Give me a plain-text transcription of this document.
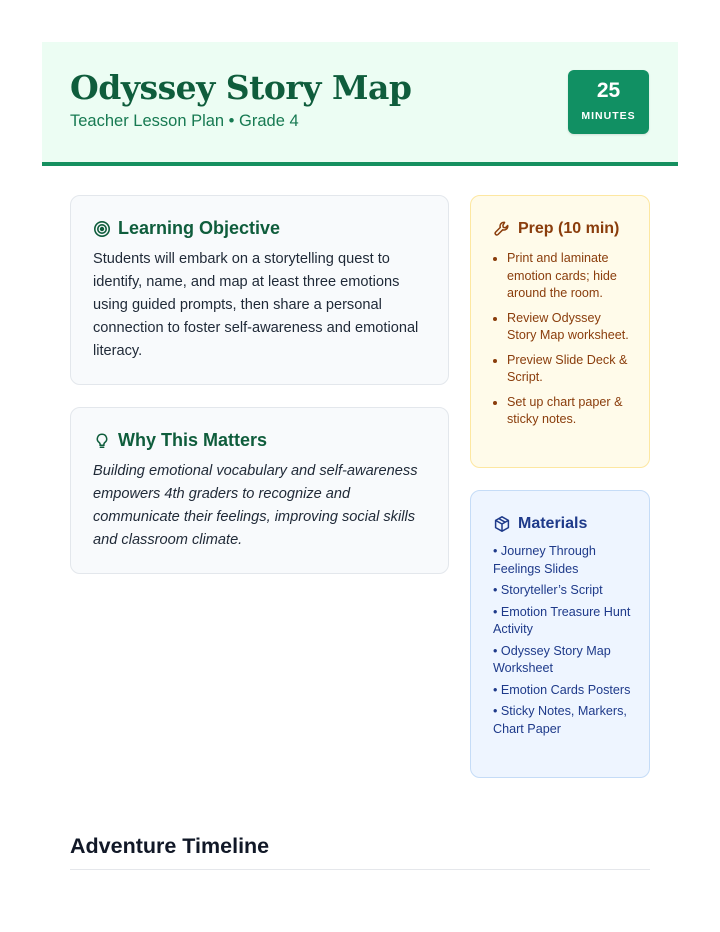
Odyssey Story Map
Teacher Lesson Plan • Grade 4
25
MINUTES
Learning Objective
Students will embark on a storytelling quest to identify, name, and map at least three emotions using guided prompts, then share a personal connection to foster self-awareness and emotional literacy.
Why This Matters
Building emotional vocabulary and self-awareness empowers 4th graders to recognize and communicate their feelings, improving social skills and classroom climate.
Prep (10 min)
• Print and laminate emotion cards; hide around the room.
• Review Odyssey Story Map worksheet.
• Preview Slide Deck & Script.
• Set up chart paper & sticky notes.
Materials
• Journey Through Feelings Slides
• Storyteller’s Script
• Emotion Treasure Hunt Activity
• Odyssey Story Map Worksheet
• Emotion Cards Posters
• Sticky Notes, Markers, Chart Paper
Adventure Timeline
